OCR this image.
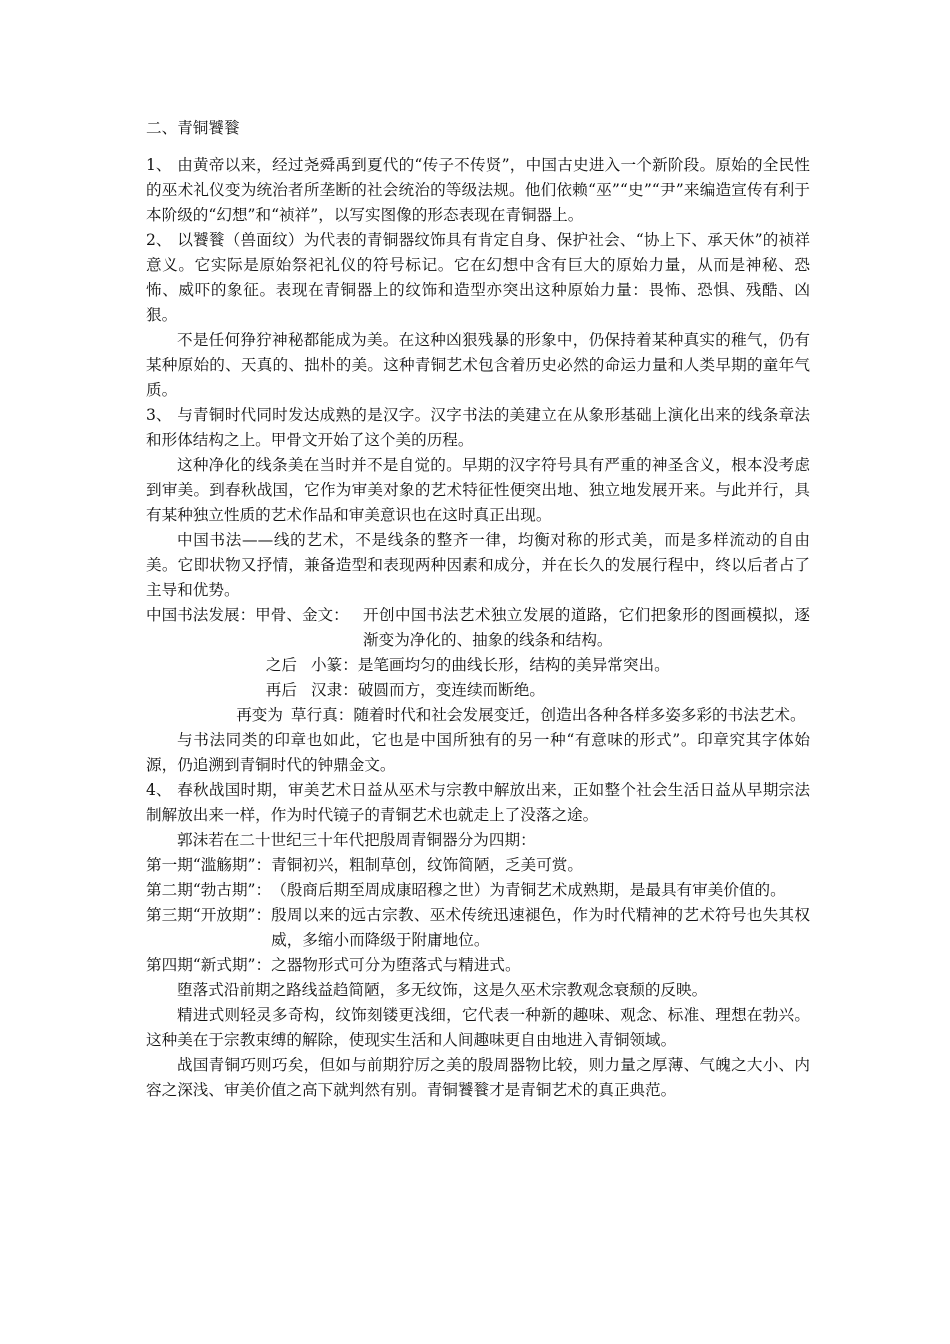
二、青铜饕餮

1、 由黄帝以来，经过尧舜禹到夏代的“传子不传贤”，中国古史进入一个新阶段。原始的全民性的巫术礼仪变为统治者所垄断的社会统治的等级法规。他们依赖“巫”“史”“尹”来编造宣传有利于本阶级的“幻想”和“祯祥”，以写实图像的形态表现在青铜器上。

2、 以饕餮（兽面纹）为代表的青铜器纹饰具有肯定自身、保护社会、“协上下、承天休”的祯祥意义。它实际是原始祭祀礼仪的符号标记。它在幻想中含有巨大的原始力量，从而是神秘、恐怖、威吓的象征。表现在青铜器上的纹饰和造型亦突出这种原始力量：畏怖、恐惧、残酷、凶狠。

不是任何狰狞神秘都能成为美。在这种凶狠残暴的形象中，仍保持着某种真实的稚气，仍有某种原始的、天真的、拙朴的美。这种青铜艺术包含着历史必然的命运力量和人类早期的童年气质。

3、 与青铜时代同时发达成熟的是汉字。汉字书法的美建立在从象形基础上演化出来的线条章法和形体结构之上。甲骨文开始了这个美的历程。

这种净化的线条美在当时并不是自觉的。早期的汉字符号具有严重的神圣含义，根本没考虑到审美。到春秋战国，它作为审美对象的艺术特征性便突出地、独立地发展开来。与此并行，具有某种独立性质的艺术作品和审美意识也在这时真正出现。

中国书法——线的艺术，不是线条的整齐一律，均衡对称的形式美，而是多样流动的自由美。它即状物又抒情，兼备造型和表现两种因素和成分，并在长久的发展行程中，终以后者占了主导和优势。

中国书法发展：甲骨、金文： 开创中国书法艺术独立发展的道路，它们把象形的图画模拟，逐渐变为净化的、抽象的线条和结构。
之后 小篆： 是笔画均匀的曲线长形，结构的美异常突出。
再后 汉隶： 破圆而方，变连续而断绝。
再变为 草行真： 随着时代和社会发展变迁，创造出各种各样多姿多彩的书法艺术。

与书法同类的印章也如此，它也是中国所独有的另一种“有意味的形式”。印章究其字体始源，仍追溯到青铜时代的钟鼎金文。

4、 春秋战国时期，审美艺术日益从巫术与宗教中解放出来，正如整个社会生活日益从早期宗法制解放出来一样，作为时代镜子的青铜艺术也就走上了没落之途。

郭沫若在二十世纪三十年代把殷周青铜器分为四期：

第一期“滥觞期”： 青铜初兴，粗制草创，纹饰简陋，乏美可赏。
第二期“勃古期”： （殷商后期至周成康昭穆之世）为青铜艺术成熟期，是最具有审美价值的。
第三期“开放期”： 殷周以来的远古宗教、巫术传统迅速褪色，作为时代精神的艺术符号也失其权威，多缩小而降级于附庸地位。
第四期“新式期”： 之器物形式可分为堕落式与精进式。

堕落式沿前期之路线益趋简陋，多无纹饰，这是久巫术宗教观念衰颓的反映。

精进式则轻灵多奇构，纹饰刻镂更浅细，它代表一种新的趣味、观念、标准、理想在勃兴。这种美在于宗教束缚的解除，使现实生活和人间趣味更自由地进入青铜领域。

战国青铜巧则巧矣，但如与前期狞厉之美的殷周器物比较，则力量之厚薄、气魄之大小、内容之深浅、审美价值之高下就判然有别。青铜饕餮才是青铜艺术的真正典范。
